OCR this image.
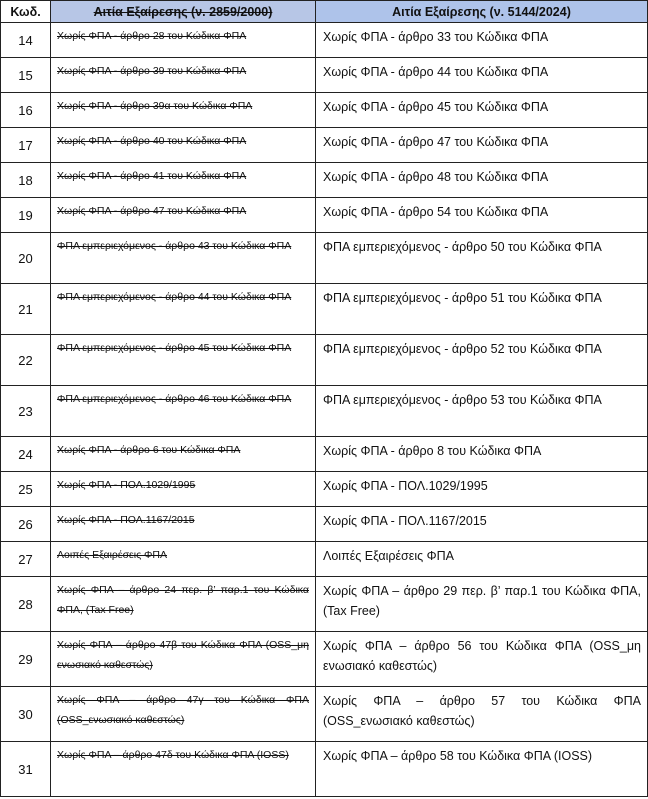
Κωδ.	Αιτία Εξαίρεσης (ν. 2859/2000)	Αιτία Εξαίρεσης (ν. 5144/2024)
14	Χωρίς ΦΠΑ - άρθρο 28 του Κώδικα ΦΠΑ	Χωρίς ΦΠΑ - άρθρο 33 του Κώδικα ΦΠΑ
15	Χωρίς ΦΠΑ - άρθρο 39 του Κώδικα ΦΠΑ	Χωρίς ΦΠΑ - άρθρο 44 του Κώδικα ΦΠΑ
16	Χωρίς ΦΠΑ - άρθρο 39α του Κώδικα ΦΠΑ	Χωρίς ΦΠΑ - άρθρο 45 του Κώδικα ΦΠΑ
17	Χωρίς ΦΠΑ - άρθρο 40 του Κώδικα ΦΠΑ	Χωρίς ΦΠΑ - άρθρο 47 του Κώδικα ΦΠΑ
18	Χωρίς ΦΠΑ - άρθρο 41 του Κώδικα ΦΠΑ	Χωρίς ΦΠΑ - άρθρο 48 του Κώδικα ΦΠΑ
19	Χωρίς ΦΠΑ - άρθρο 47 του Κώδικα ΦΠΑ	Χωρίς ΦΠΑ - άρθρο 54 του Κώδικα ΦΠΑ
20	ΦΠΑ εμπεριεχόμενος - άρθρο 43 του Κώδικα ΦΠΑ	ΦΠΑ εμπεριεχόμενος - άρθρο 50 του Κώδικα ΦΠΑ
21	ΦΠΑ εμπεριεχόμενος - άρθρο 44 του Κώδικα ΦΠΑ	ΦΠΑ εμπεριεχόμενος - άρθρο 51 του Κώδικα ΦΠΑ
22	ΦΠΑ εμπεριεχόμενος - άρθρο 45 του Κώδικα ΦΠΑ	ΦΠΑ εμπεριεχόμενος - άρθρο 52 του Κώδικα ΦΠΑ
23	ΦΠΑ εμπεριεχόμενος - άρθρο 46 του Κώδικα ΦΠΑ	ΦΠΑ εμπεριεχόμενος - άρθρο 53 του Κώδικα ΦΠΑ
24	Χωρίς ΦΠΑ - άρθρο 6 του Κώδικα ΦΠΑ	Χωρίς ΦΠΑ - άρθρο 8 του Κώδικα ΦΠΑ
25	Χωρίς ΦΠΑ - ΠΟΛ.1029/1995	Χωρίς ΦΠΑ - ΠΟΛ.1029/1995
26	Χωρίς ΦΠΑ - ΠΟΛ.1167/2015	Χωρίς ΦΠΑ - ΠΟΛ.1167/2015
27	Λοιπές Εξαιρέσεις ΦΠΑ	Λοιπές Εξαιρέσεις ΦΠΑ
28	Χωρίς ΦΠΑ – άρθρο 24 περ. β’ παρ.1 του Κώδικα ΦΠΑ, (Tax Free)	Χωρίς ΦΠΑ – άρθρο 29 περ. β’ παρ.1 του Κώδικα ΦΠΑ, (Tax Free)
29	Χωρίς ΦΠΑ – άρθρο 47β του Κώδικα ΦΠΑ (OSS_μη ενωσιακό καθεστώς)	Χωρίς ΦΠΑ – άρθρο 56 του Κώδικα ΦΠΑ (OSS_μη ενωσιακό καθεστώς)
30	Χωρίς ΦΠΑ – άρθρο 47γ του Κώδικα ΦΠΑ (OSS_ενωσιακό καθεστώς)	Χωρίς ΦΠΑ – άρθρο 57 του Κώδικα ΦΠΑ (OSS_ενωσιακό καθεστώς)
31	Χωρίς ΦΠΑ – άρθρο 47δ του Κώδικα ΦΠΑ (IOSS)	Χωρίς ΦΠΑ – άρθρο 58 του Κώδικα ΦΠΑ (IOSS)
